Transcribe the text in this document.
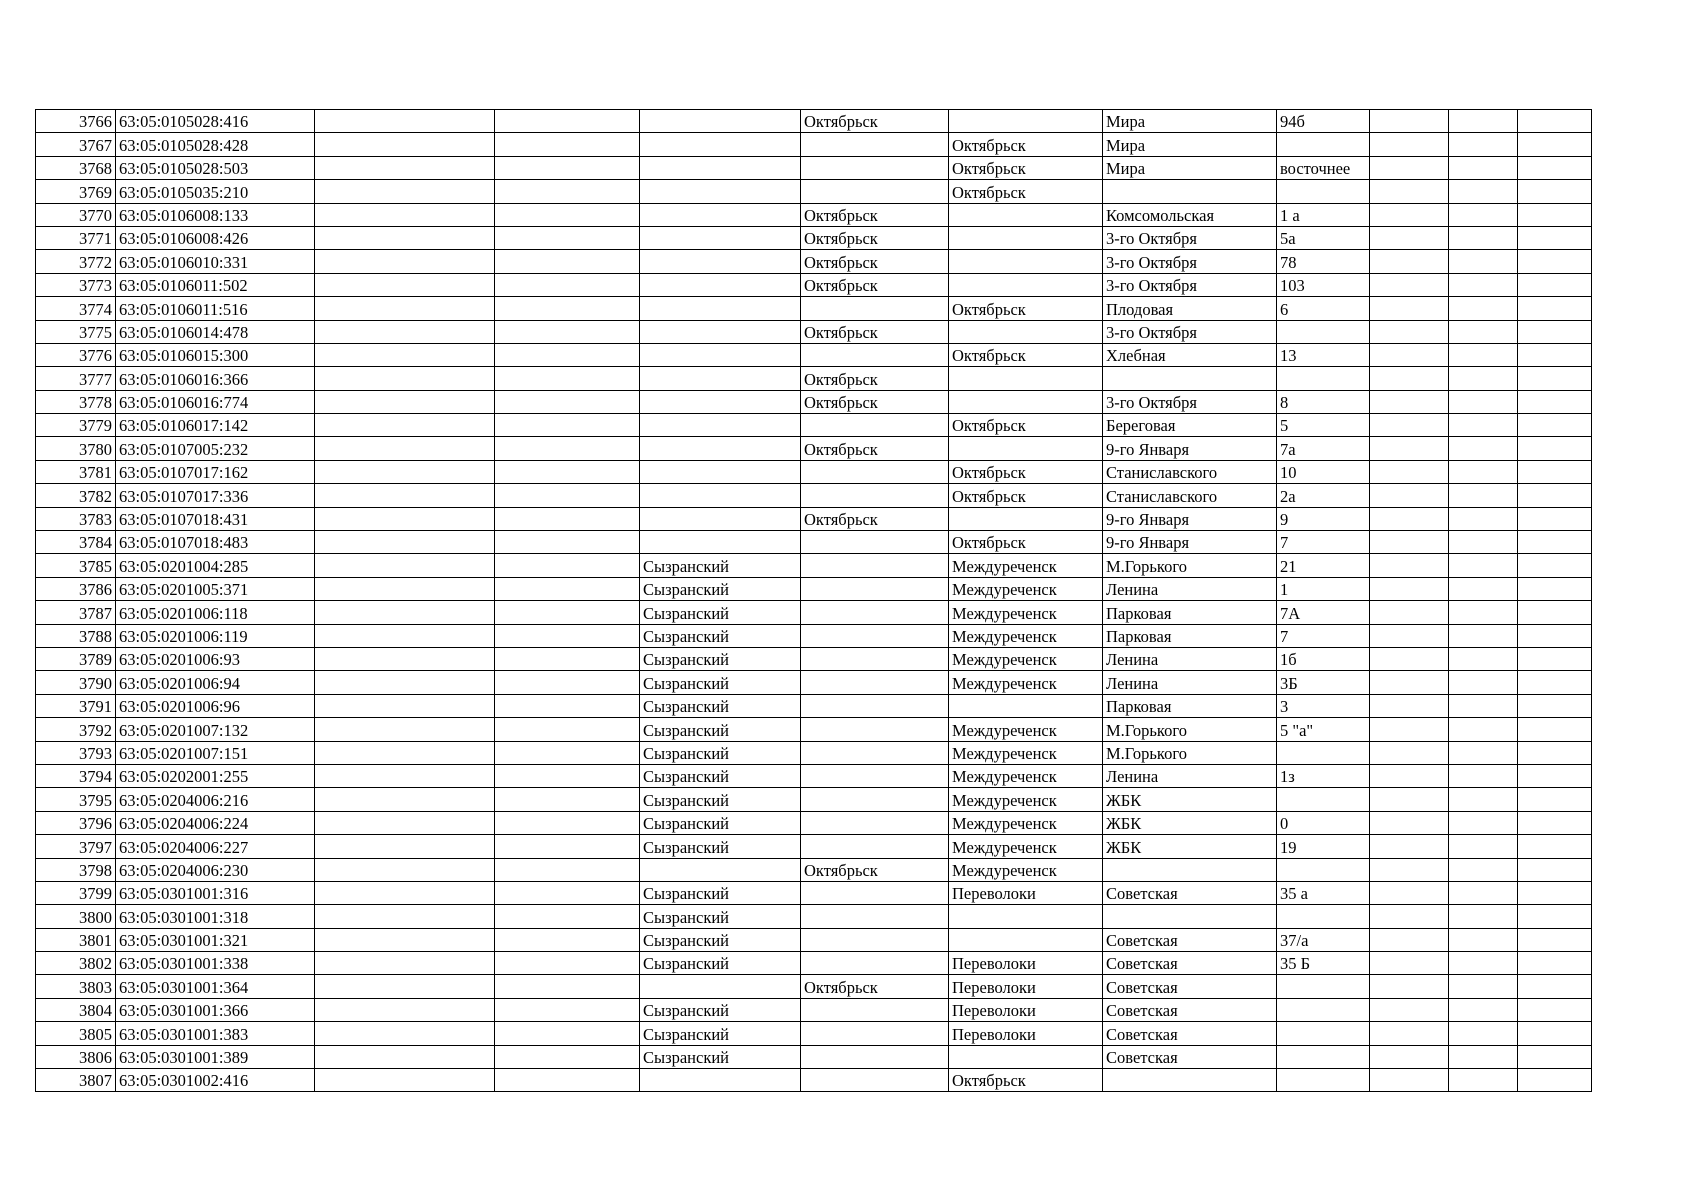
3766	63:05:0105028:416				Октябрьск		Мира	94б			
3767	63:05:0105028:428					Октябрьск	Мира				
3768	63:05:0105028:503					Октябрьск	Мира	восточнее			
3769	63:05:0105035:210					Октябрьск					
3770	63:05:0106008:133				Октябрьск		Комсомольская	1 а			
3771	63:05:0106008:426				Октябрьск		3-го Октября	5а			
3772	63:05:0106010:331				Октябрьск		3-го Октября	78			
3773	63:05:0106011:502				Октябрьск		3-го Октября	103			
3774	63:05:0106011:516					Октябрьск	Плодовая	6			
3775	63:05:0106014:478				Октябрьск		3-го Октября				
3776	63:05:0106015:300					Октябрьск	Хлебная	13			
3777	63:05:0106016:366				Октябрьск						
3778	63:05:0106016:774				Октябрьск		3-го Октября	8			
3779	63:05:0106017:142					Октябрьск	Береговая	5			
3780	63:05:0107005:232				Октябрьск		9-го Января	7а			
3781	63:05:0107017:162					Октябрьск	Станиславского	10			
3782	63:05:0107017:336					Октябрьск	Станиславского	2а			
3783	63:05:0107018:431				Октябрьск		9-го Января	9			
3784	63:05:0107018:483					Октябрьск	9-го Января	7			
3785	63:05:0201004:285			Сызранский		Междуреченск	М.Горького	21			
3786	63:05:0201005:371			Сызранский		Междуреченск	Ленина	1			
3787	63:05:0201006:118			Сызранский		Междуреченск	Парковая	7А			
3788	63:05:0201006:119			Сызранский		Междуреченск	Парковая	7			
3789	63:05:0201006:93			Сызранский		Междуреченск	Ленина	1б			
3790	63:05:0201006:94			Сызранский		Междуреченск	Ленина	3Б			
3791	63:05:0201006:96			Сызранский			Парковая	3			
3792	63:05:0201007:132			Сызранский		Междуреченск	М.Горького	5 "а"			
3793	63:05:0201007:151			Сызранский		Междуреченск	М.Горького				
3794	63:05:0202001:255			Сызранский		Междуреченск	Ленина	1з			
3795	63:05:0204006:216			Сызранский		Междуреченск	ЖБК				
3796	63:05:0204006:224			Сызранский		Междуреченск	ЖБК	0			
3797	63:05:0204006:227			Сызранский		Междуреченск	ЖБК	19			
3798	63:05:0204006:230				Октябрьск	Междуреченск					
3799	63:05:0301001:316			Сызранский		Переволоки	Советская	35 а			
3800	63:05:0301001:318			Сызранский							
3801	63:05:0301001:321			Сызранский			Советская	37/а			
3802	63:05:0301001:338			Сызранский		Переволоки	Советская	35 Б			
3803	63:05:0301001:364				Октябрьск	Переволоки	Советская				
3804	63:05:0301001:366			Сызранский		Переволоки	Советская				
3805	63:05:0301001:383			Сызранский		Переволоки	Советская				
3806	63:05:0301001:389			Сызранский			Советская				
3807	63:05:0301002:416					Октябрьск					
